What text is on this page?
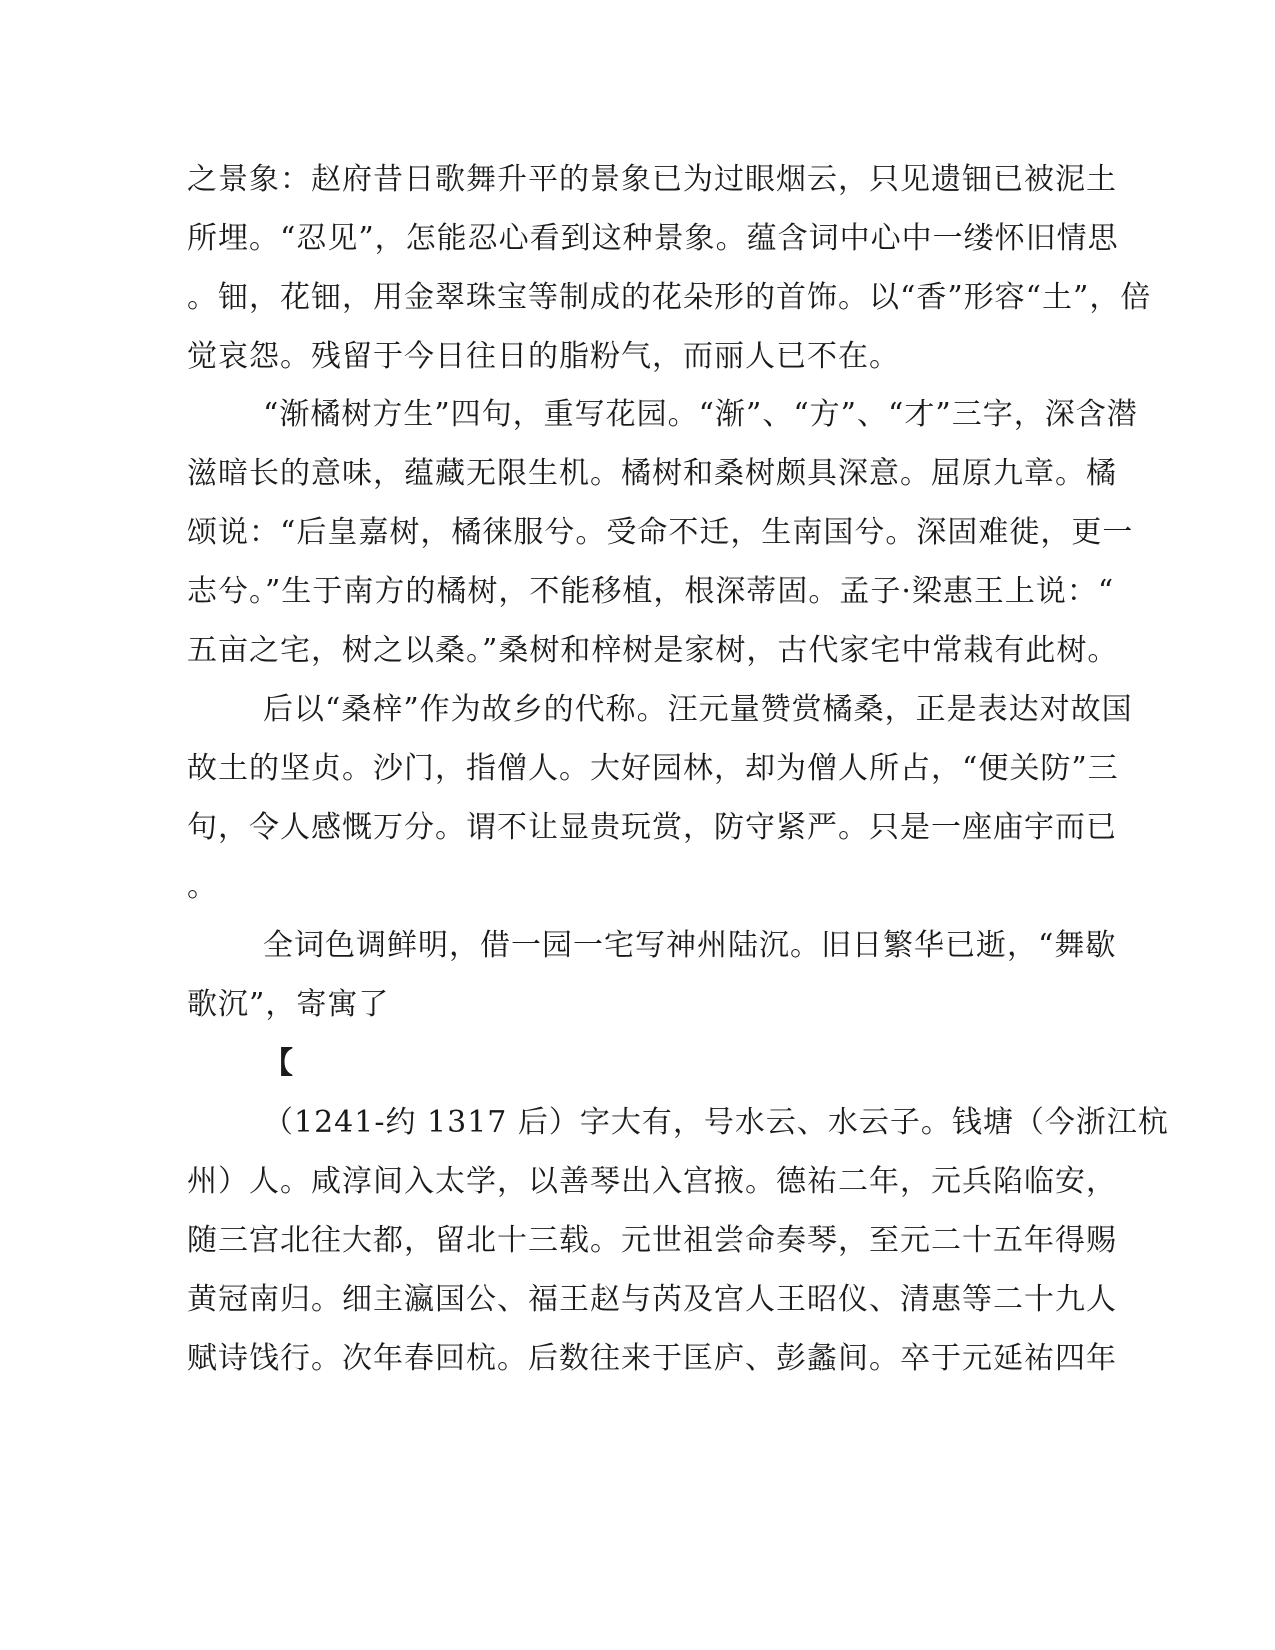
之景象：赵府昔日歌舞升平的景象已为过眼烟云，只见遗钿已被泥土
所埋。“忍见”，怎能忍心看到这种景象。蕴含词中心中一缕怀旧情思
。钿，花钿，用金翠珠宝等制成的花朵形的首饰。以“香”形容“土”，倍
觉哀怨。残留于今日往日的脂粉气，而丽人已不在。
“渐橘树方生”四句，重写花园。“渐”、“方”、“才”三字，深含潜
滋暗长的意味，蕴藏无限生机。橘树和桑树颇具深意。屈原九章。橘
颂说：“后皇嘉树，橘徕服兮。受命不迁，生南国兮。深固难徙，更一
志兮。”生于南方的橘树，不能移植，根深蒂固。孟子·梁惠王上说：“
五亩之宅，树之以桑。”桑树和梓树是家树，古代家宅中常栽有此树。
后以“桑梓”作为故乡的代称。汪元量赞赏橘桑，正是表达对故国
故土的坚贞。沙门，指僧人。大好园林，却为僧人所占，“便关防”三
句，令人感慨万分。谓不让显贵玩赏，防守紧严。只是一座庙宇而已
。
全词色调鲜明，借一园一宅写神州陆沉。旧日繁华已逝，“舞歇
歌沉”，寄寓了
【
（1241-约 1317 后）字大有，号水云、水云子。钱塘（今浙江杭
州）人。咸淳间入太学，以善琴出入宫掖。德祐二年，元兵陷临安，
随三宫北往大都，留北十三载。元世祖尝命奏琴，至元二十五年得赐
黄冠南归。细主瀛国公、福王赵与芮及宫人王昭仪、清惠等二十九人
赋诗饯行。次年春回杭。后数往来于匡庐、彭蠡间。卒于元延祐四年
